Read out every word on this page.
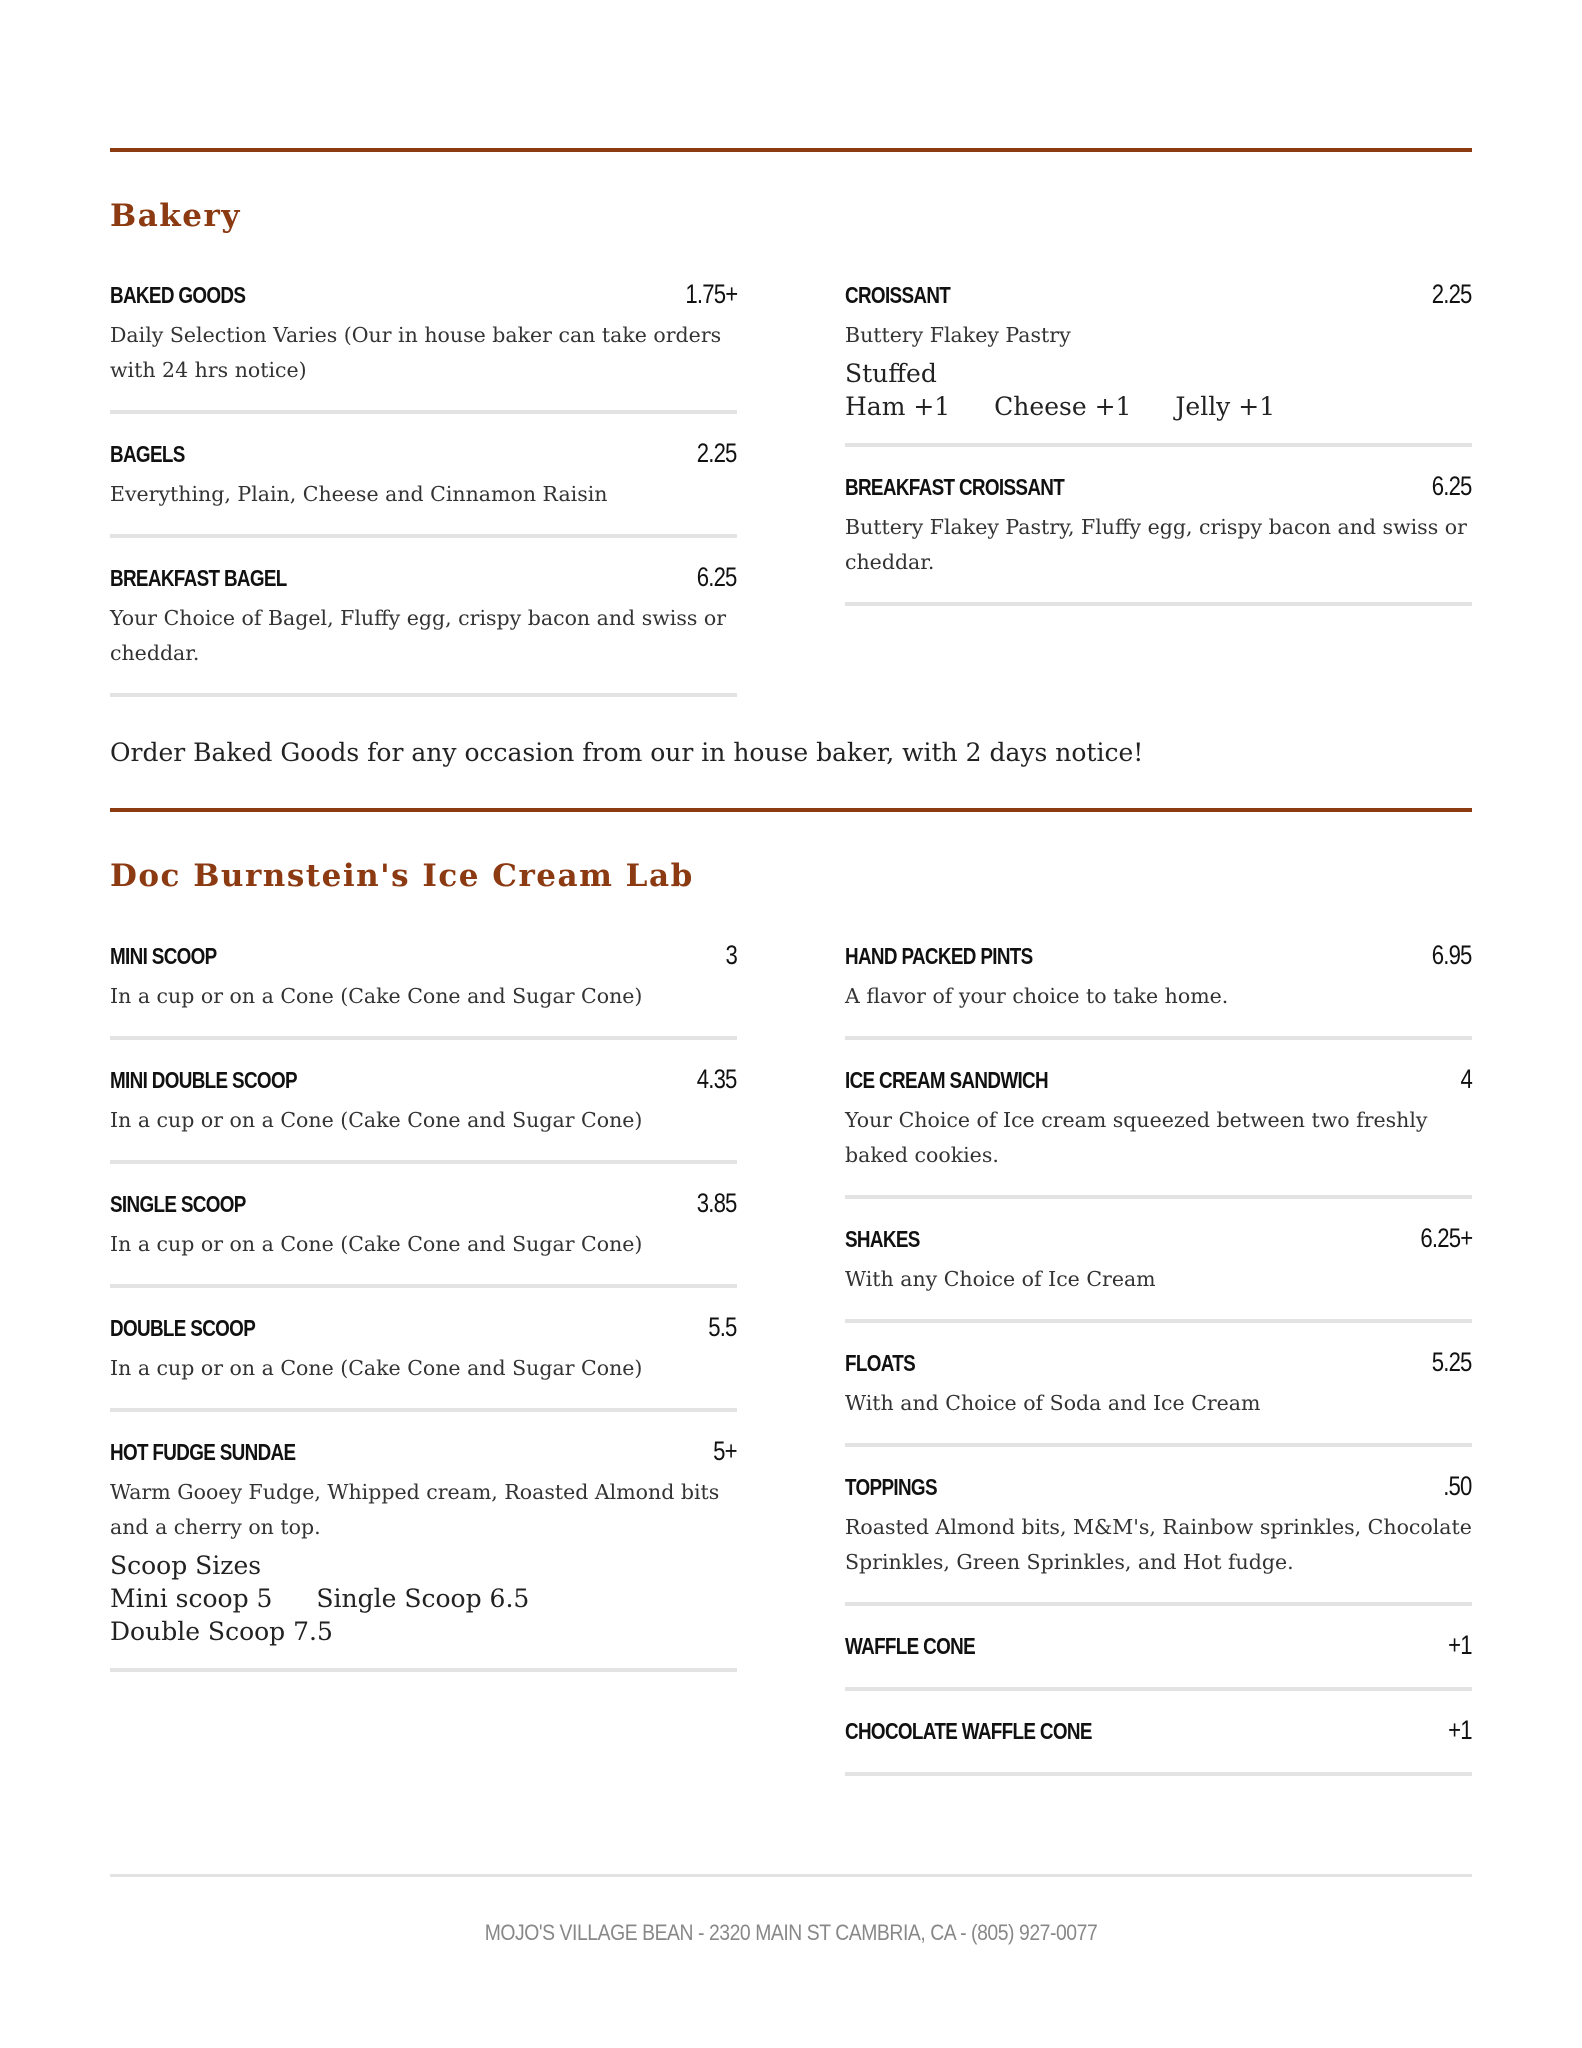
Bakery
BAKED GOODS	1.75+
Daily Selection Varies (Our in house baker can take orders with 24 hrs notice)
BAGELS	2.25
Everything, Plain, Cheese and Cinnamon Raisin
BREAKFAST BAGEL	6.25
Your Choice of Bagel, Fluffy egg, crispy bacon and swiss or cheddar.
CROISSANT	2.25
Buttery Flakey Pastry
Stuffed
Ham +1 Cheese +1 Jelly +1
BREAKFAST CROISSANT	6.25
Buttery Flakey Pastry, Fluffy egg, crispy bacon and swiss or cheddar.
Order Baked Goods for any occasion from our in house baker, with 2 days notice!
Doc Burnstein's Ice Cream Lab
MINI SCOOP	3
In a cup or on a Cone (Cake Cone and Sugar Cone)
MINI DOUBLE SCOOP	4.35
In a cup or on a Cone (Cake Cone and Sugar Cone)
SINGLE SCOOP	3.85
In a cup or on a Cone (Cake Cone and Sugar Cone)
DOUBLE SCOOP	5.5
In a cup or on a Cone (Cake Cone and Sugar Cone)
HOT FUDGE SUNDAE	5+
Warm Gooey Fudge, Whipped cream, Roasted Almond bits and a cherry on top.
Scoop Sizes
Mini scoop 5 Single Scoop 6.5
Double Scoop 7.5
HAND PACKED PINTS	6.95
A flavor of your choice to take home.
ICE CREAM SANDWICH	4
Your Choice of Ice cream squeezed between two freshly baked cookies.
SHAKES	6.25+
With any Choice of Ice Cream
FLOATS	5.25
With and Choice of Soda and Ice Cream
TOPPINGS	.50
Roasted Almond bits, M&M's, Rainbow sprinkles, Chocolate Sprinkles, Green Sprinkles, and Hot fudge.
WAFFLE CONE	+1
CHOCOLATE WAFFLE CONE	+1
MOJO'S VILLAGE BEAN - 2320 MAIN ST CAMBRIA, CA - (805) 927-0077
